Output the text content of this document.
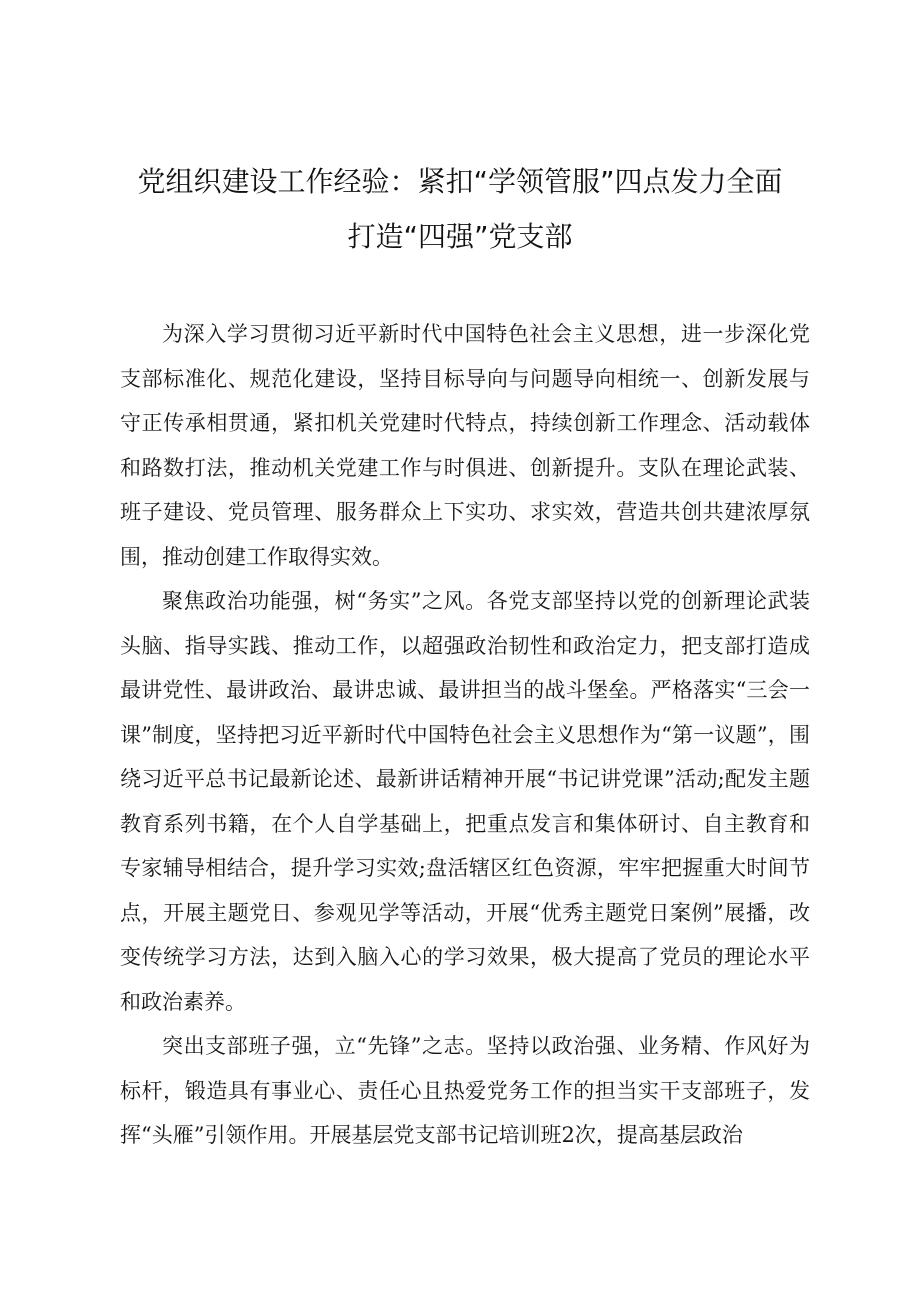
党组织建设工作经验：紧扣“学领管服”四点发力全面
打造“四强”党支部

为深入学习贯彻习近平新时代中国特色社会主义思想，进一步深化党支部标准化、规范化建设，坚持目标导向与问题导向相统一、创新发展与守正传承相贯通，紧扣机关党建时代特点，持续创新工作理念、活动载体和路数打法，推动机关党建工作与时俱进、创新提升。支队在理论武装、班子建设、党员管理、服务群众上下实功、求实效，营造共创共建浓厚氛围，推动创建工作取得实效。

聚焦政治功能强，树“务实”之风。各党支部坚持以党的创新理论武装头脑、指导实践、推动工作，以超强政治韧性和政治定力，把支部打造成最讲党性、最讲政治、最讲忠诚、最讲担当的战斗堡垒。严格落实“三会一课”制度，坚持把习近平新时代中国特色社会主义思想作为“第一议题”，围绕习近平总书记最新论述、最新讲话精神开展“书记讲党课”活动;配发主题教育系列书籍，在个人自学基础上，把重点发言和集体研讨、自主教育和专家辅导相结合，提升学习实效;盘活辖区红色资源，牢牢把握重大时间节点，开展主题党日、参观见学等活动，开展“优秀主题党日案例”展播，改变传统学习方法，达到入脑入心的学习效果，极大提高了党员的理论水平和政治素养。

突出支部班子强，立“先锋”之志。坚持以政治强、业务精、作风好为标杆，锻造具有事业心、责任心且热爱党务工作的担当实干支部班子，发挥“头雁”引领作用。开展基层党支部书记培训班2次，提高基层政治
